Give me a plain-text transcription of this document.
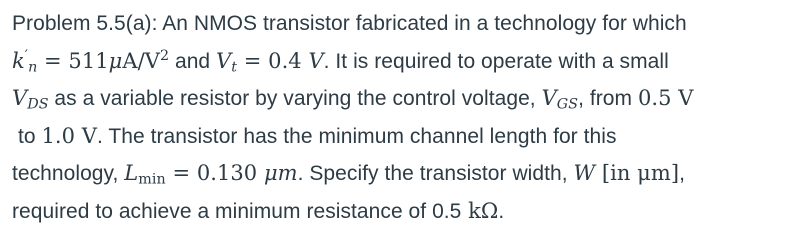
Problem 5.5(a): An NMOS transistor fabricated in a technology for which
$k'_n = 511\mu A/V^2$ and $V_t = 0.4$ V. It is required to operate with a small
$V_{DS}$ as a variable resistor by varying the control voltage, $V_{GS}$, from 0.5 V
to 1.0 V. The transistor has the minimum channel length for this
technology, $L_{min} = 0.130$ μm. Specify the transistor width, W [in μm],
required to achieve a minimum resistance of 0.5 kΩ.
